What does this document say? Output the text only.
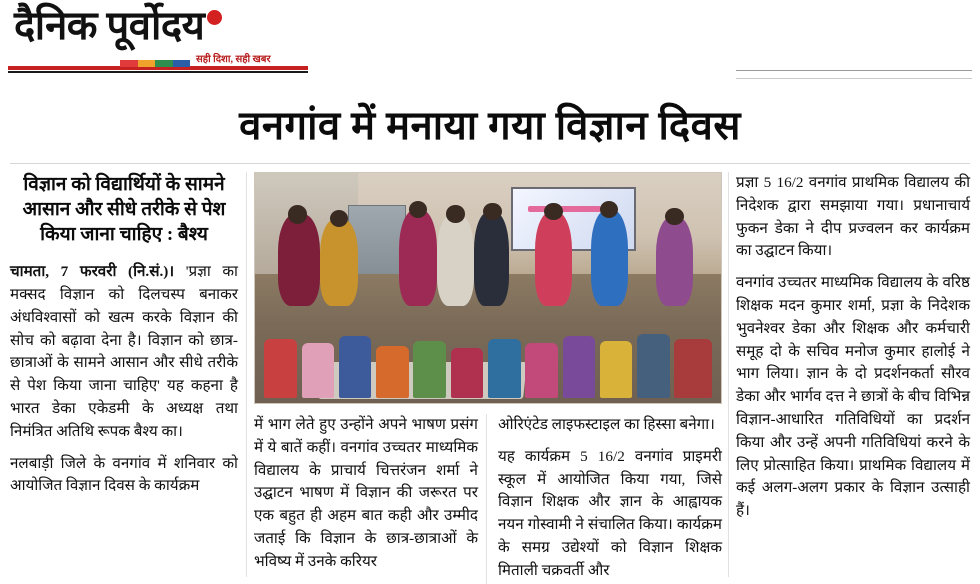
दैनिक पूर्वोदय
सही दिशा, सही खबर
वनगांव में मनाया गया विज्ञान दिवस
विज्ञान को विद्यार्थियों के सामने आसान और सीधे तरीके से पेश किया जाना चाहिए : बैश्य

चामता, 7 फरवरी (नि.सं.)। 'प्रज्ञा का मक्सद विज्ञान को दिलचस्प बनाकर अंधविश्वासों को खत्म करके विज्ञान की सोच को बढ़ावा देना है। विज्ञान को छात्र-छात्राओं के सामने आसान और सीधे तरीके से पेश किया जाना चाहिए' यह कहना है भारत डेका एकेडमी के अध्यक्ष तथा निमंत्रित अतिथि रूपक बैश्य का।

नलबाड़ी जिले के वनगांव में शनिवार को आयोजित विज्ञान दिवस के कार्यक्रम

में भाग लेते हुए उन्होंने अपने भाषण प्रसंग में ये बातें कहीं। वनगांव उच्चतर माध्यमिक विद्यालय के प्राचार्य चित्तरंजन शर्मा ने उद्घाटन भाषण में विज्ञान की जरूरत पर एक बहुत ही अहम बात कही और उम्मीद जताई कि विज्ञान के छात्र-छात्राओं के भविष्य में उनके करियर

ओरिएंटेड लाइफस्टाइल का हिस्सा बनेगा।

यह कार्यक्रम 5 16/2 वनगांव प्राइमरी स्कूल में आयोजित किया गया, जिसे विज्ञान शिक्षक और ज्ञान के आह्वायक नयन गोस्वामी ने संचालित किया। कार्यक्रम के समग्र उद्येश्यों को विज्ञान शिक्षक मिताली चक्रवर्ती और

प्रज्ञा 5 16/2 वनगांव प्राथमिक विद्यालय की निदेशक द्वारा समझाया गया। प्रधानाचार्य फुकन डेका ने दीप प्रज्वलन कर कार्यक्रम का उद्घाटन किया।

वनगांव उच्चतर माध्यमिक विद्यालय के वरिष्ठ शिक्षक मदन कुमार शर्मा, प्रज्ञा के निदेशक भुवनेश्वर डेका और शिक्षक और कर्मचारी समूह दो के सचिव मनोज कुमार हालोई ने भाग लिया। ज्ञान के दो प्रदर्शनकर्ता सौरव डेका और भार्गव दत्त ने छात्रों के बीच विभिन्न विज्ञान-आधारित गतिविधियों का प्रदर्शन किया और उन्हें अपनी गतिविधियां करने के लिए प्रोत्साहित किया। प्राथमिक विद्यालय में कई अलग-अलग प्रकार के विज्ञान उत्साही हैं।
